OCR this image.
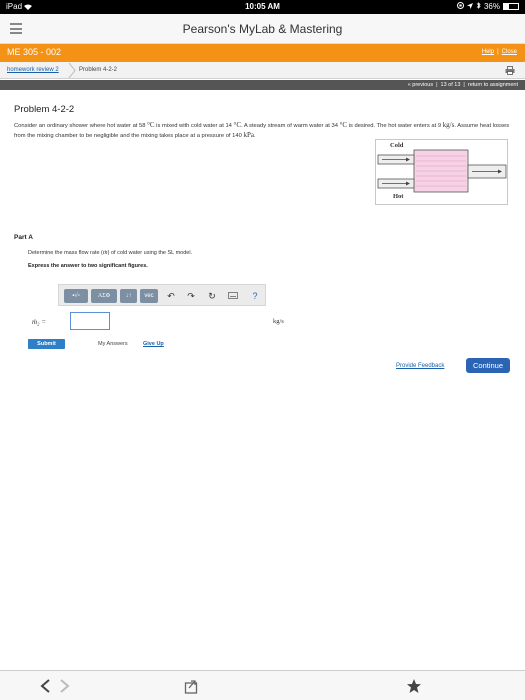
iPad	10:05 AM	36%
Pearson's MyLab & Mastering
ME 305 - 002	Help | Close
homework review 2	Problem 4-2-2
« previous | 13 of 13 | return to assignment
Problem 4-2-2
Consider an ordinary shower where hot water at 58 °C is mixed with cold water at 14 °C. A steady stream of warm water at 34 °C is desired. The hot water enters at 9 kg/s. Assume heat losses from the mixing chamber to be negligible and the mixing takes place at a pressure of 140 kPa.
Cold
Hot
Part A
Determine the mass flow rate (ṁ) of cold water using the SL model.
Express the answer to two significant figures.
▪√▫	ΑΣΦ	↓↑	vec	↶ ↷ ↻	?
ṁ₂ =	kg/s
Submit	My Answers	Give Up
Provide Feedback	Continue
